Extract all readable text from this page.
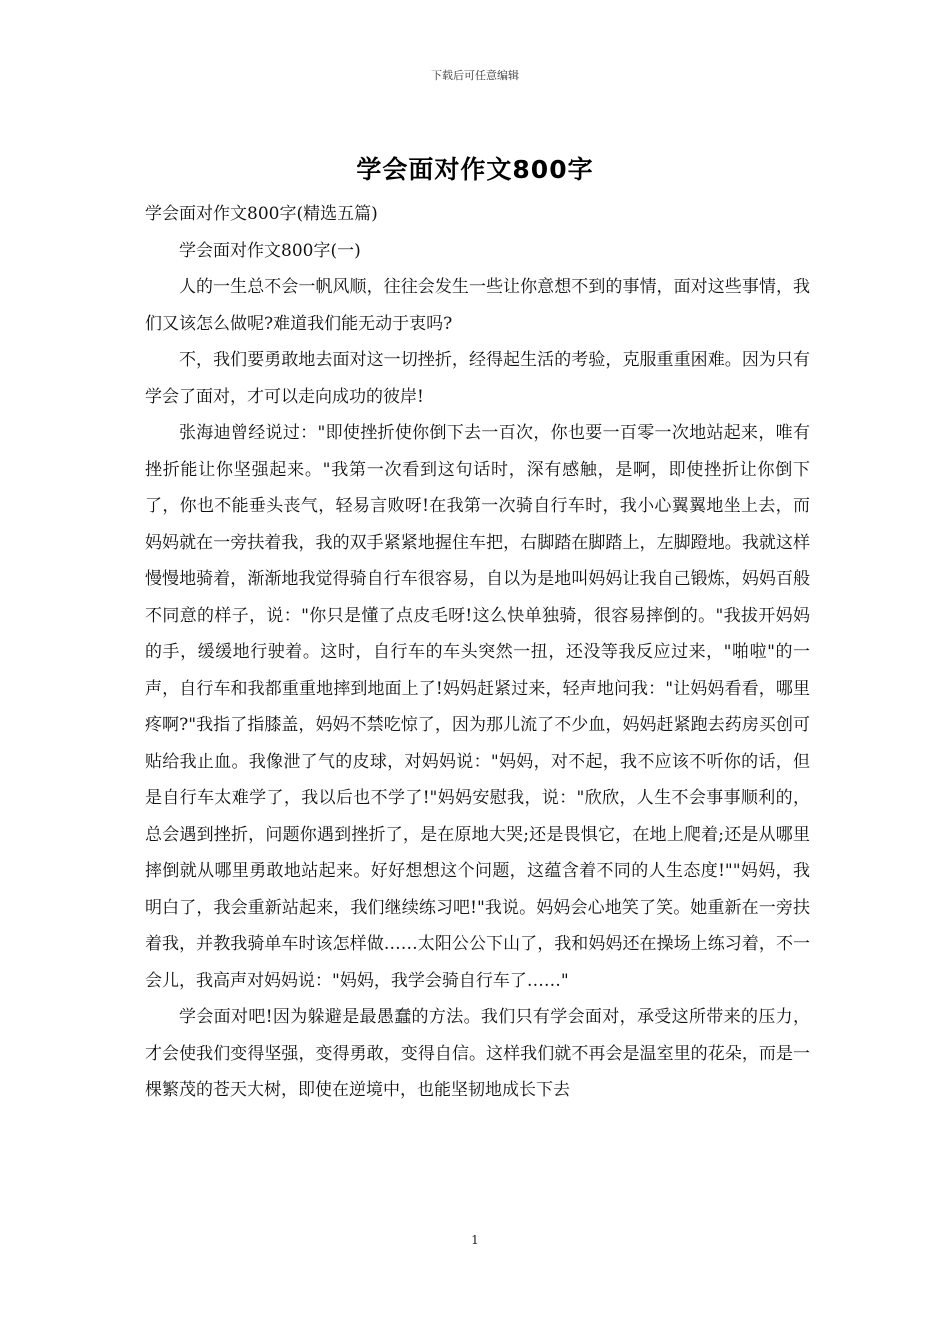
下载后可任意编辑
学会面对作文800字

学会面对作文800字(精选五篇)

学会面对作文800字(一)

人的一生总不会一帆风顺，往往会发生一些让你意想不到的事情，面对这些事情，我们又该怎么做呢?难道我们能无动于衷吗?

不，我们要勇敢地去面对这一切挫折，经得起生活的考验，克服重重困难。因为只有学会了面对，才可以走向成功的彼岸!

张海迪曾经说过："即使挫折使你倒下去一百次，你也要一百零一次地站起来，唯有挫折能让你坚强起来。"我第一次看到这句话时，深有感触，是啊，即使挫折让你倒下了，你也不能垂头丧气，轻易言败呀!在我第一次骑自行车时，我小心翼翼地坐上去，而妈妈就在一旁扶着我，我的双手紧紧地握住车把，右脚踏在脚踏上，左脚蹬地。我就这样慢慢地骑着，渐渐地我觉得骑自行车很容易，自以为是地叫妈妈让我自己锻炼，妈妈百般不同意的样子，说："你只是懂了点皮毛呀!这么快单独骑，很容易摔倒的。"我拔开妈妈的手，缓缓地行驶着。这时，自行车的车头突然一扭，还没等我反应过来，"啪啦"的一声，自行车和我都重重地摔到地面上了!妈妈赶紧过来，轻声地问我："让妈妈看看，哪里疼啊?"我指了指膝盖，妈妈不禁吃惊了，因为那儿流了不少血，妈妈赶紧跑去药房买创可贴给我止血。我像泄了气的皮球，对妈妈说："妈妈，对不起，我不应该不听你的话，但是自行车太难学了，我以后也不学了!"妈妈安慰我，说："欣欣，人生不会事事顺利的，总会遇到挫折，问题你遇到挫折了，是在原地大哭;还是畏惧它，在地上爬着;还是从哪里摔倒就从哪里勇敢地站起来。好好想想这个问题，这蕴含着不同的人生态度!""妈妈，我明白了，我会重新站起来，我们继续练习吧!"我说。妈妈会心地笑了笑。她重新在一旁扶着我，并教我骑单车时该怎样做……太阳公公下山了，我和妈妈还在操场上练习着，不一会儿，我高声对妈妈说："妈妈，我学会骑自行车了……"

学会面对吧!因为躲避是最愚蠢的方法。我们只有学会面对，承受这所带来的压力，才会使我们变得坚强，变得勇敢，变得自信。这样我们就不再会是温室里的花朵，而是一棵繁茂的苍天大树，即使在逆境中，也能坚韧地成长下去

1
